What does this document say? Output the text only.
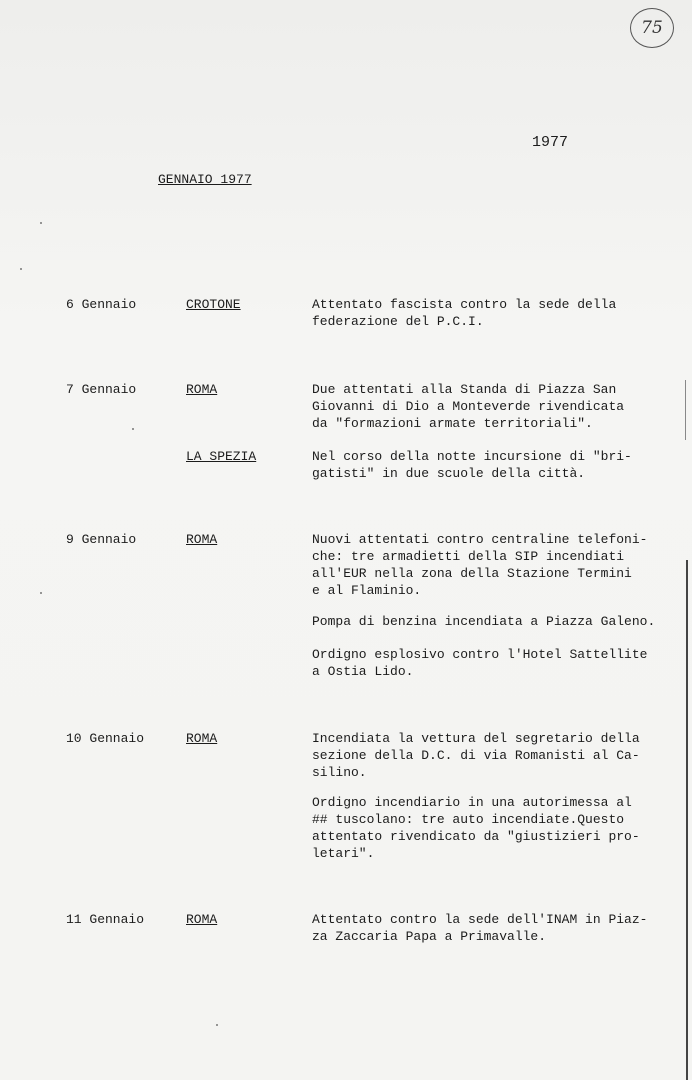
75
1977
GENNAIO 1977
6 Gennaio	CROTONE	Attentato fascista contro la sede della
federazione del P.C.I.
7 Gennaio	ROMA	Due attentati alla Standa di Piazza San
Giovanni di Dio a Monteverde rivendicata
da "formazioni armate territoriali".
LA SPEZIA	Nel corso della notte incursione di "bri-
gatisti" in due scuole della città.
9 Gennaio	ROMA	Nuovi attentati contro centraline telefoni-
che: tre armadietti della SIP incendiati
all'EUR nella zona della Stazione Termini
e al Flaminio.
Pompa di benzina incendiata a Piazza Galeno.
Ordigno esplosivo contro l'Hotel Sattellite
a Ostia Lido.
10 Gennaio	ROMA	Incendiata la vettura del segretario della
sezione della D.C. di via Romanisti al Ca-
silino.
Ordigno incendiario in una autorimessa al
## tuscolano: tre auto incendiate.Questo
attentato rivendicato da "giustizieri pro-
letari".
11 Gennaio	ROMA	Attentato contro la sede dell'INAM in Piaz-
za Zaccaria Papa a Primavalle.
